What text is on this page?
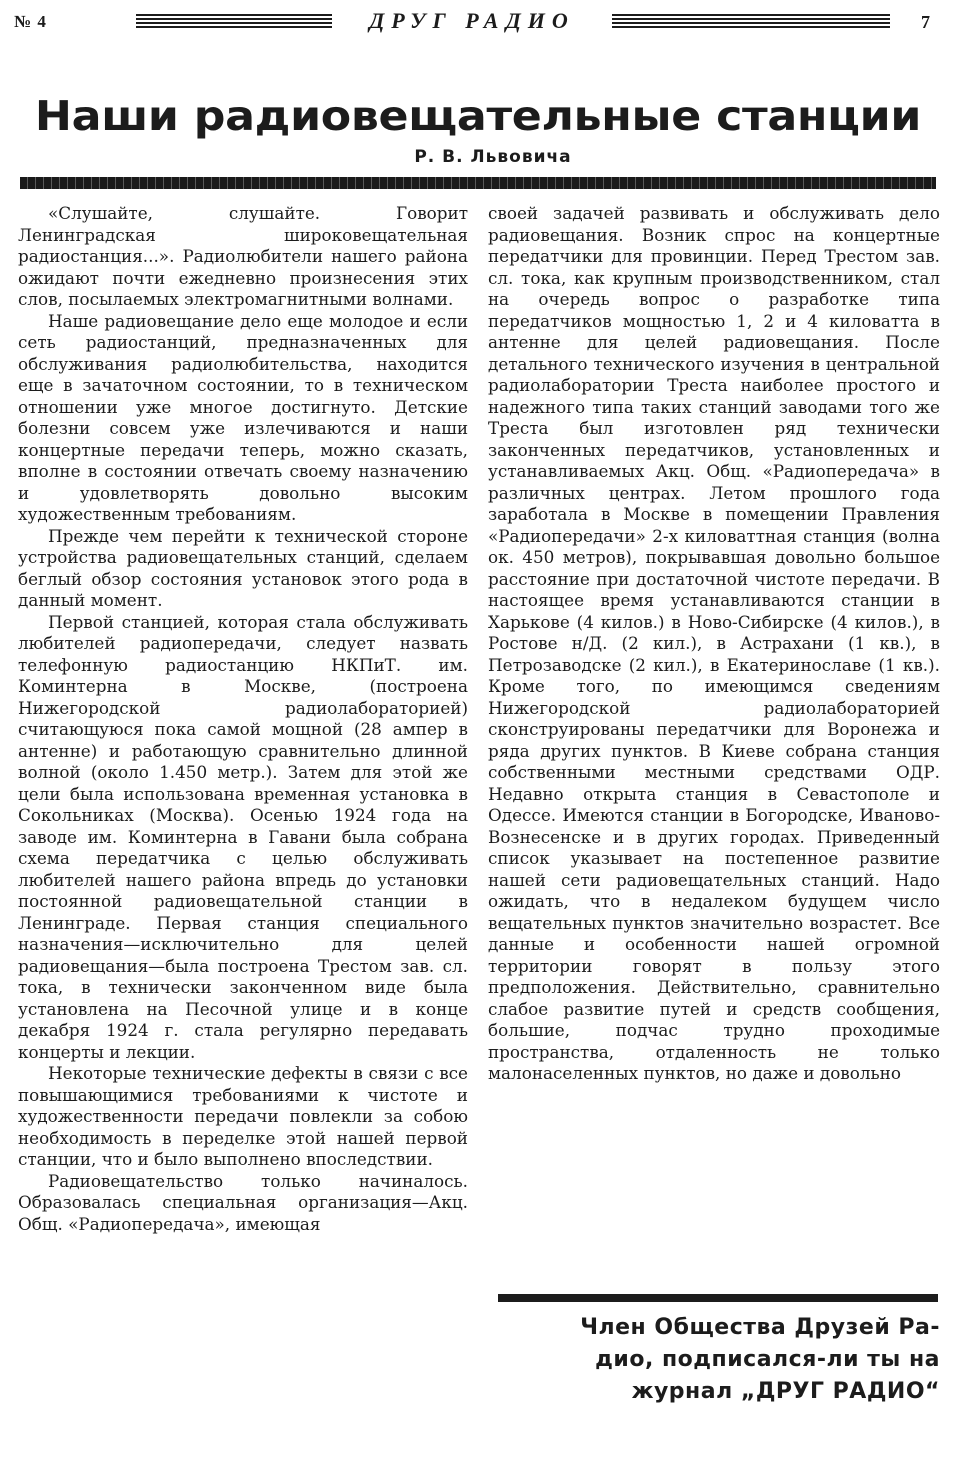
№ 4	ДРУГ РАДИО	7
Наши радиовещательные станции
Р. В. Львовича

«Слушайте, слушайте. Говорит Ленинградская широковещательная радиостанция...». Радиолюбители нашего района ожидают почти ежедневно произнесения этих слов, посылаемых электромагнитными волнами.

Наше радиовещание дело еще молодое и если сеть радиостанций, предназначенных для обслуживания радиолюбительства, находится еще в зачаточном состоянии, то в техническом отношении уже многое достигнуто. Детские болезни совсем уже излечиваются и наши концертные передачи теперь, можно сказать, вполне в состоянии отвечать своему назначению и удовлетворять довольно высоким художественным требованиям.

Прежде чем перейти к технической стороне устройства радиовещательных станций, сделаем беглый обзор состояния установок этого рода в данный момент.

Первой станцией, которая стала обслуживать любителей радиопередачи, следует назвать телефонную радиостанцию НКПиТ. им. Коминтерна в Москве, (построена Нижегородской радиолабораторией) считающуюся пока самой мощной (28 ампер в антенне) и работающую сравнительно длинной волной (около 1.450 метр.). Затем для этой же цели была использована временная установка в Сокольниках (Москва). Осенью 1924 года на заводе им. Коминтерна в Гавани была собрана схема передатчика с целью обслуживать любителей нашего района впредь до установки постоянной радиовещательной станции в Ленинграде. Первая станция специального назначения—исключительно для целей радиовещания—была построена Трестом зав. сл. тока, в технически законченном виде была установлена на Песочной улице и в конце декабря 1924 г. стала регулярно передавать концерты и лекции.

Некоторые технические дефекты в связи с все повышающимися требованиями к чистоте и художественности передачи повлекли за собою необходимость в переделке этой нашей первой станции, что и было выполнено впоследствии.

Радиовещательство только начиналось. Образовалась специальная организация—Акц. Общ. «Радиопередача», имеющая

своей задачей развивать и обслуживать дело радиовещания. Возник спрос на концертные передатчики для провинции. Перед Трестом зав. сл. тока, как крупным производственником, стал на очередь вопрос о разработке типа передатчиков мощностью 1, 2 и 4 киловатта в антенне для целей радиовещания. После детального технического изучения в центральной радиолаборатории Треста наиболее простого и надежного типа таких станций заводами того же Треста был изготовлен ряд технически законченных передатчиков, установленных и устанавливаемых Акц. Общ. «Радиопередача» в различных центрах. Летом прошлого года заработала в Москве в помещении Правления «Радиопередачи» 2-х киловаттная станция (волна ок. 450 метров), покрывавшая довольно большое расстояние при достаточной чистоте передачи. В настоящее время устанавливаются станции в Харькове (4 килов.) в Ново-Сибирске (4 килов.), в Ростове н/Д. (2 кил.), в Астрахани (1 кв.), в Петрозаводске (2 кил.), в Екатеринославе (1 кв.). Кроме того, по имеющимся сведениям Нижегородской радиолабораторией сконструированы передатчики для Воронежа и ряда других пунктов. В Киеве собрана станция собственными местными средствами ОДР. Недавно открыта станция в Севастополе и Одессе. Имеются станции в Богородске, Иваново-Вознесенске и в других городах. Приведенный список указывает на постепенное развитие нашей сети радиовещательных станций. Надо ожидать, что в недалеком будущем число вещательных пунктов значительно возрастет. Все данные и особенности нашей огромной территории говорят в пользу этого предположения. Действительно, сравнительно слабое развитие путей и средств сообщения, большие, подчас трудно проходимые пространства, отдаленность не только малонаселенных пунктов, но даже и довольно

Член Общества Друзей Ра-
дио, подписался-ли ты на
журнал „ДРУГ РАДИО“
